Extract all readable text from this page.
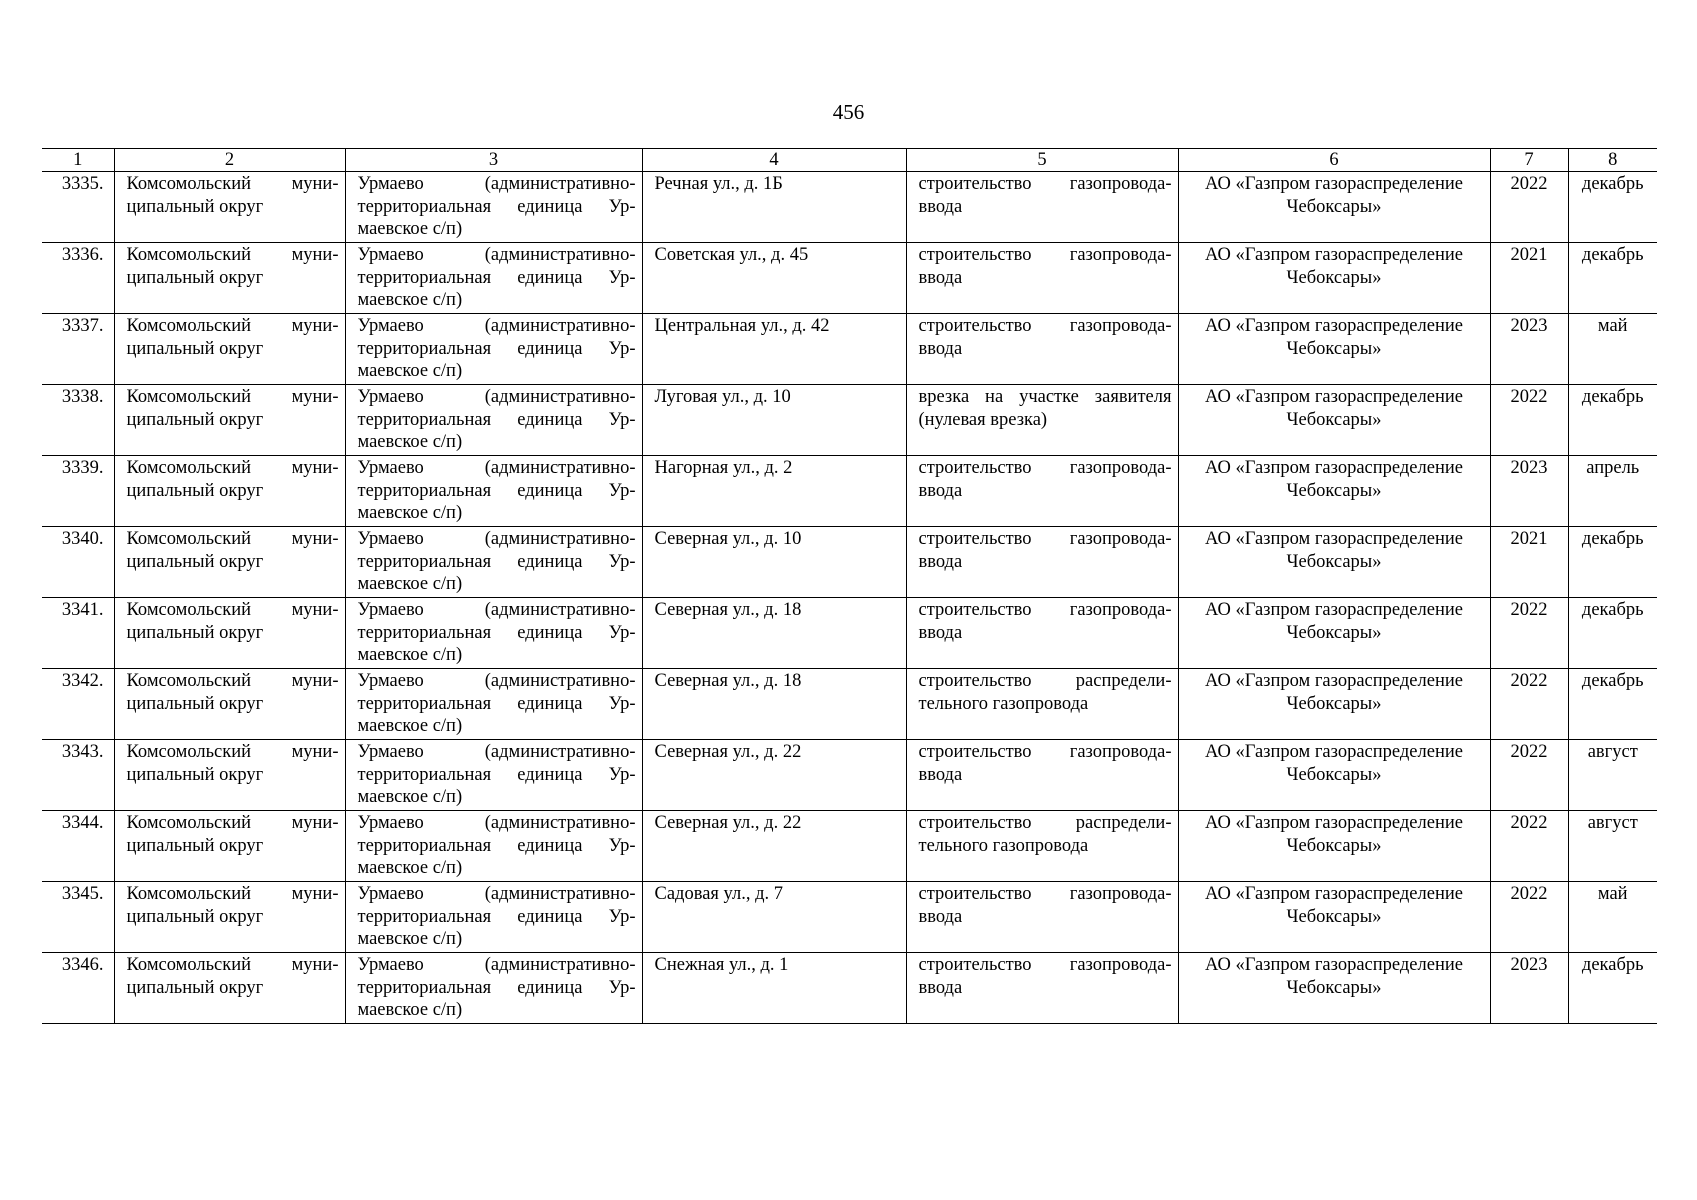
456
1	2	3	4	5	6	7	8
3335.	Комсомольский муни-ципальный округ	Урмаево (административно-территориальная единица Ур-маевское с/п)	Речная ул., д. 1Б	строительство газопровода-ввода	АО «Газпром газораспределение Чебоксары»	2022	декабрь
3336.	Комсомольский муни-ципальный округ	Урмаево (административно-территориальная единица Ур-маевское с/п)	Советская ул., д. 45	строительство газопровода-ввода	АО «Газпром газораспределение Чебоксары»	2021	декабрь
3337.	Комсомольский муни-ципальный округ	Урмаево (административно-территориальная единица Ур-маевское с/п)	Центральная ул., д. 42	строительство газопровода-ввода	АО «Газпром газораспределение Чебоксары»	2023	май
3338.	Комсомольский муни-ципальный округ	Урмаево (административно-территориальная единица Ур-маевское с/п)	Луговая ул., д. 10	врезка на участке заявителя (нулевая врезка)	АО «Газпром газораспределение Чебоксары»	2022	декабрь
3339.	Комсомольский муни-ципальный округ	Урмаево (административно-территориальная единица Ур-маевское с/п)	Нагорная ул., д. 2	строительство газопровода-ввода	АО «Газпром газораспределение Чебоксары»	2023	апрель
3340.	Комсомольский муни-ципальный округ	Урмаево (административно-территориальная единица Ур-маевское с/п)	Северная ул., д. 10	строительство газопровода-ввода	АО «Газпром газораспределение Чебоксары»	2021	декабрь
3341.	Комсомольский муни-ципальный округ	Урмаево (административно-территориальная единица Ур-маевское с/п)	Северная ул., д. 18	строительство газопровода-ввода	АО «Газпром газораспределение Чебоксары»	2022	декабрь
3342.	Комсомольский муни-ципальный округ	Урмаево (административно-территориальная единица Ур-маевское с/п)	Северная ул., д. 18	строительство распредели-тельного газопровода	АО «Газпром газораспределение Чебоксары»	2022	декабрь
3343.	Комсомольский муни-ципальный округ	Урмаево (административно-территориальная единица Ур-маевское с/п)	Северная ул., д. 22	строительство газопровода-ввода	АО «Газпром газораспределение Чебоксары»	2022	август
3344.	Комсомольский муни-ципальный округ	Урмаево (административно-территориальная единица Ур-маевское с/п)	Северная ул., д. 22	строительство распредели-тельного газопровода	АО «Газпром газораспределение Чебоксары»	2022	август
3345.	Комсомольский муни-ципальный округ	Урмаево (административно-территориальная единица Ур-маевское с/п)	Садовая ул., д. 7	строительство газопровода-ввода	АО «Газпром газораспределение Чебоксары»	2022	май
3346.	Комсомольский муни-ципальный округ	Урмаево (административно-территориальная единица Ур-маевское с/п)	Снежная ул., д. 1	строительство газопровода-ввода	АО «Газпром газораспределение Чебоксары»	2023	декабрь
